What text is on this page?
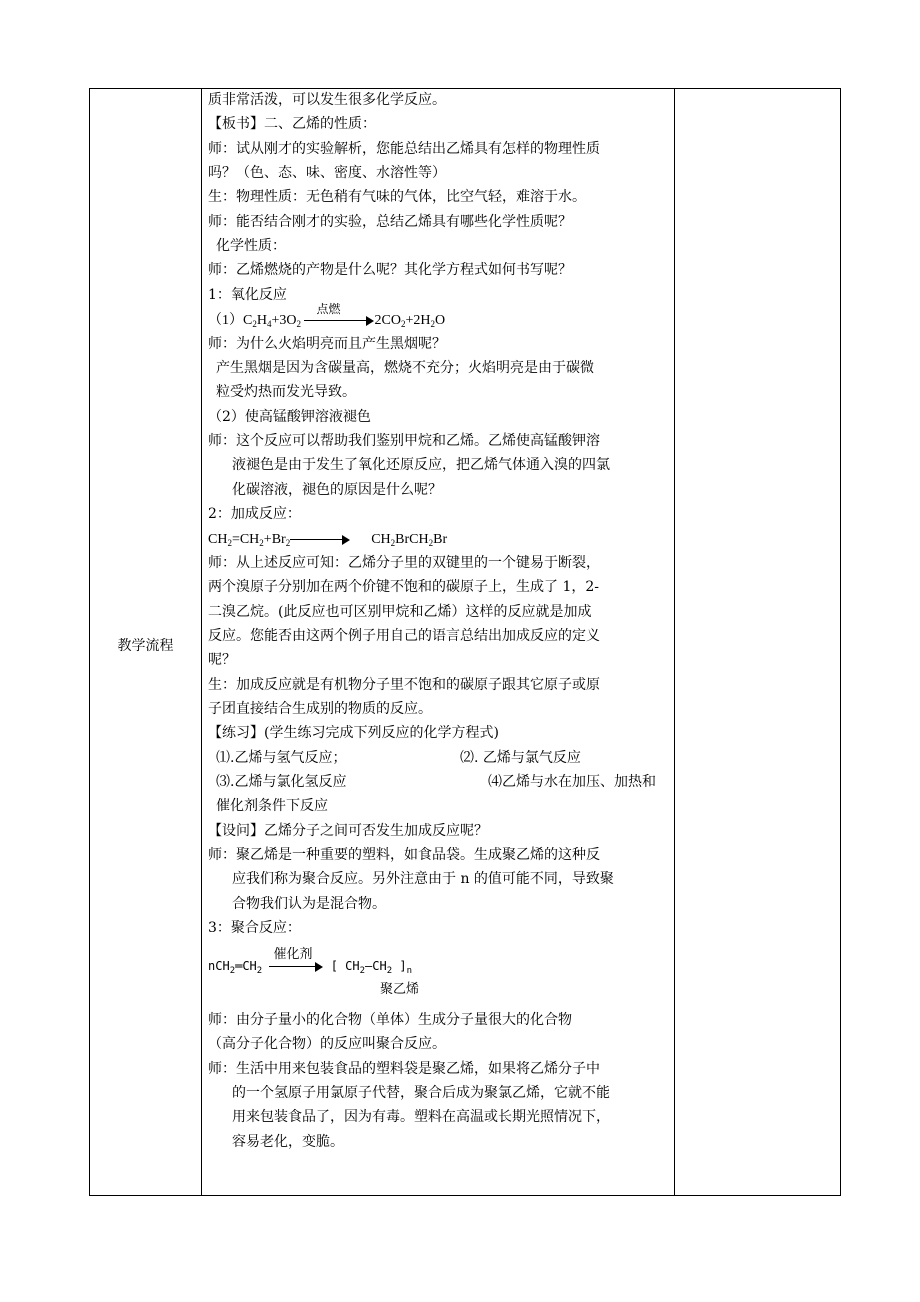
教学流程
质非常活泼，可以发生很多化学反应。
【板书】二、乙烯的性质：
师：试从刚才的实验解析，您能总结出乙烯具有怎样的物理性质
吗？（色、态、味、密度、水溶性等）
生：物理性质：无色稍有气味的气体，比空气轻，难溶于水。
师：能否结合刚才的实验，总结乙烯具有哪些化学性质呢？
化学性质：
师：乙烯燃烧的产物是什么呢？其化学方程式如何书写呢？
1：氧化反应
$(1)C_2H_4+3O_2$
点燃
$2CO_2+2H_2O$
师：为什么火焰明亮而且产生黑烟呢？
产生黑烟是因为含碳量高，燃烧不充分；火焰明亮是由于碳微
粒受灼热而发光导致。
（2）使高锰酸钾溶液褪色
师：这个反应可以帮助我们鉴别甲烷和乙烯。乙烯使高锰酸钾溶
液褪色是由于发生了氧化还原反应，把乙烯气体通入溴的四氯
化碳溶液，褪色的原因是什么呢？
2：加成反应：
$CH_2=CH_2+Br_2$	$CH_2BrCH_2Br$
师：从上述反应可知：乙烯分子里的双键里的一个键易于断裂，
两个溴原子分别加在两个价键不饱和的碳原子上，生成了 1，2-
二溴乙烷。(此反应也可区别甲烷和乙烯）这样的反应就是加成
反应。您能否由这两个例子用自己的语言总结出加成反应的定义
呢？
生：加成反应就是有机物分子里不饱和的碳原子跟其它原子或原
子团直接结合生成别的物质的反应。
【练习】(学生练习完成下列反应的化学方程式)
⑴.乙烯与氢气反应；	⑵. 乙烯与氯气反应
⑶.乙烯与氯化氢反应	⑷乙烯与水在加压、加热和
催化剂条件下反应
【设问】乙烯分子之间可否发生加成反应呢？
师：聚乙烯是一种重要的塑料，如食品袋。生成聚乙烯的这种反
应我们称为聚合反应。另外注意由于 n 的值可能不同，导致聚
合物我们认为是混合物。
3：聚合反应：
$nCH_2═CH_2$
催化剂
[ $CH_2—CH_2$ ]$_n$
聚乙烯
师：由分子量小的化合物（单体）生成分子量很大的化合物
（高分子化合物）的反应叫聚合反应。
师：生活中用来包装食品的塑料袋是聚乙烯，如果将乙烯分子中
的一个氢原子用氯原子代替，聚合后成为聚氯乙烯，它就不能
用来包装食品了，因为有毒。塑料在高温或长期光照情况下，
容易老化，变脆。
